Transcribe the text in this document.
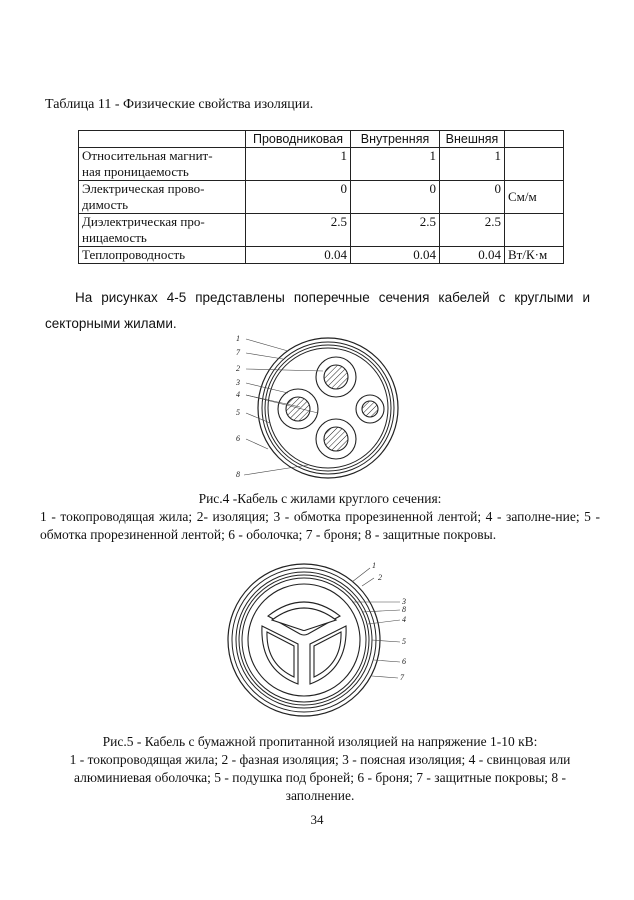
Таблица 11 - Физические свойства изоляции.
	Проводниковая	Внутренняя	Внешняя	
Относительная магнит-
ная проницаемость	1	1	1	
Электрическая прово-
димость	0	0	0	См/м
Диэлектрическая про-
ницаемость	2.5	2.5	2.5	
Теплопроводность	0.04	0.04	0.04	Вт/К·м
На рисунках 4-5 представлены поперечные сечения кабелей с круглыми и секторными жилами.
1
7
2
3
4
5
6
8
Рис.4 -Кабель с жилами круглого сечения:
1 - токопроводящая жила; 2- изоляция; 3 - обмотка прорезиненной лентой; 4 - заполне-ние; 5 - обмотка прорезиненной лентой; 6 - оболочка; 7 - броня; 8 - защитные покровы.
1
2
3
8
4
5
6
7
Рис.5 - Кабель с бумажной пропитанной изоляцией на напряжение 1-10 кВ:
1 - токопроводящая жила; 2 - фазная изоляция; 3 - поясная изоляция; 4 - свинцовая или алюминиевая оболочка; 5 - подушка под броней; 6 - броня; 7 - защитные покровы; 8 - заполнение.
34
